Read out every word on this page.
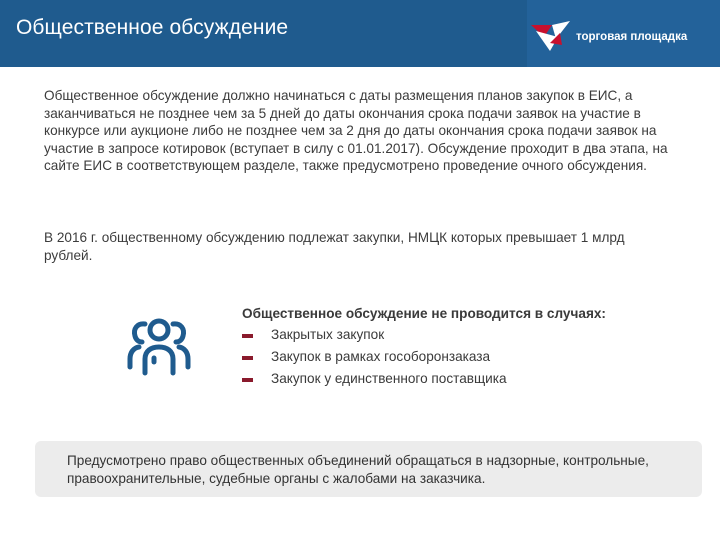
Общественное обсуждение	торговая площадка

Общественное обсуждение должно начинаться с даты размещения планов закупок в ЕИС, а заканчиваться не позднее чем за 5 дней до даты окончания срока подачи заявок на участие в конкурсе или аукционе либо не позднее чем за 2 дня до даты окончания срока подачи заявок на участие в запросе котировок (вступает в силу с 01.01.2017). Обсуждение проходит в два этапа, на сайте ЕИС в соответствующем разделе, также предусмотрено проведение очного обсуждения.

В 2016 г. общественному обсуждению подлежат закупки, НМЦК которых превышает 1 млрд рублей.

Общественное обсуждение не проводится в случаях:
Закрытых закупок
Закупок в рамках гособоронзаказа
Закупок у единственного поставщика
Предусмотрено право общественных объединений обращаться в надзорные, контрольные, правоохранительные, судебные органы с жалобами на заказчика.
